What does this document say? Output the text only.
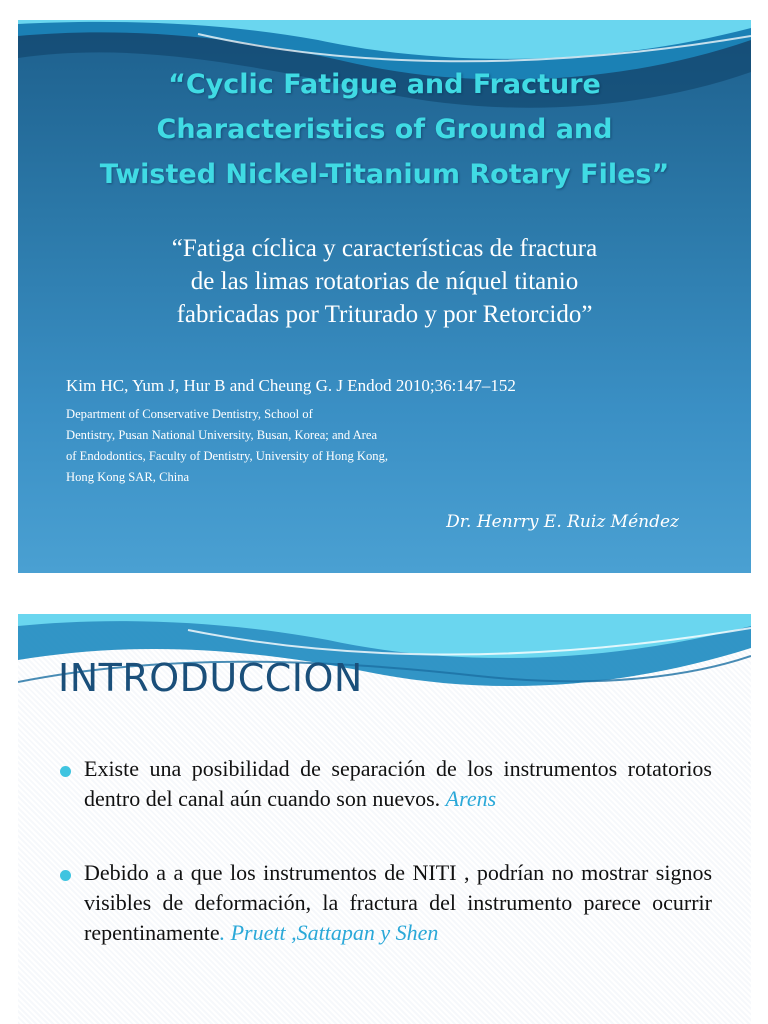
“Cyclic Fatigue and Fracture
Characteristics of Ground and
Twisted Nickel-Titanium Rotary Files”
“Fatiga cíclica y características de fractura
de las limas rotatorias de níquel titanio
fabricadas por Triturado y por Retorcido”
Kim HC, Yum J, Hur B and Cheung G. J Endod 2010;36:147–152
Department of Conservative Dentistry, School of
Dentistry, Pusan National University, Busan, Korea; and Area
of Endodontics, Faculty of Dentistry, University of Hong Kong,
Hong Kong SAR, China
Dr. Henrry E. Ruiz Méndez
INTRODUCCION
Existe una posibilidad de separación de los instrumentos rotatorios dentro del canal aún cuando son nuevos. Arens
Debido a a que los instrumentos de NITI , podrían no mostrar signos visibles de deformación, la fractura del instrumento parece ocurrir repentinamente. Pruett ,Sattapan y Shen
